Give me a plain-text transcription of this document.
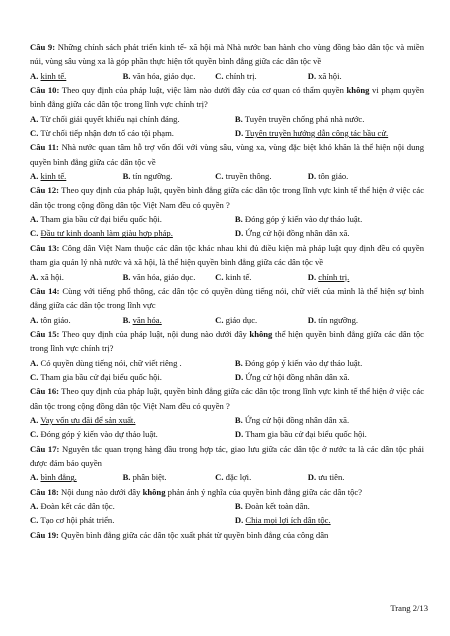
Câu 9: Những chính sách phát triển kinh tế- xã hội mà Nhà nước ban hành cho vùng đồng bào dân tộc và miền núi, vùng sâu vùng xa là góp phần thực hiện tốt quyền bình đẳng giữa các dân tộc về
A. kinh tế.	B. văn hóa, giáo dục.	C. chính trị.	D. xã hội.
Câu 10: Theo quy định của pháp luật, việc làm nào dưới đây của cơ quan có thẩm quyền không vi phạm quyền bình đẳng giữa các dân tộc trong lĩnh vực chính trị?
A. Từ chối giải quyết khiếu nại chính đáng.	B. Tuyên truyền chống phá nhà nước.
C. Từ chối tiếp nhận đơn tố cáo tội phạm.	D. Tuyên truyền hướng dẫn công tác bầu cử.
Câu 11: Nhà nước quan tâm hỗ trợ vốn đối với vùng sâu, vùng xa, vùng đặc biệt khó khăn là thể hiện nội dung quyền bình đẳng giữa các dân tộc về
A. kinh tế.	B. tín ngưỡng.	C. truyền thông.	D. tôn giáo.
Câu 12: Theo quy định của pháp luật, quyền bình đẳng giữa các dân tộc trong lĩnh vực kinh tế thể hiện ở việc các dân tộc trong cộng đồng dân tộc Việt Nam đều có quyền ?
A. Tham gia bầu cử đại biểu quốc hội.	B. Đóng góp ý kiến vào dự thảo luật.
C. Đầu tư kinh doanh làm giàu hợp pháp.	D. Ứng cử hội đồng nhân dân xã.
Câu 13: Công dân Việt Nam thuộc các dân tộc khác nhau khi đủ điều kiện mà pháp luật quy định đều có quyền tham gia quản lý nhà nước và xã hội, là thể hiện quyền bình đẳng giữa các dân tộc về
A. xã hội.	B. văn hóa, giáo dục.	C. kinh tế.	D. chính trị.
Câu 14: Cùng với tiếng phổ thông, các dân tộc có quyền dùng tiếng nói, chữ viết của mình là thể hiện sự bình đẳng giữa các dân tộc trong lĩnh vực
A. tôn giáo.	B. văn hóa.	C. giáo dục.	D. tín ngưỡng.
Câu 15: Theo quy định của pháp luật, nội dung nào dưới đây không thể hiện quyền bình đẳng giữa các dân tộc trong lĩnh vực chính trị?
A. Có quyền dùng tiếng nói, chữ viết riêng .	B. Đóng góp ý kiến vào dự thảo luật.
C. Tham gia bầu cử đại biểu quốc hội.	D. Ứng cử hội đồng nhân dân xã.
Câu 16: Theo quy định của pháp luật, quyền bình đẳng giữa các dân tộc trong lĩnh vực kinh tế thể hiện ở việc các dân tộc trong cộng đồng dân tộc Việt Nam đều có quyền ?
A. Vay vốn ưu đãi để sản xuất.	B. Ứng cử hội đồng nhân dân xã.
C. Đóng góp ý kiến vào dự thảo luật.	D. Tham gia bầu cử đại biểu quốc hội.
Câu 17: Nguyên tắc quan trọng hàng đầu trong hợp tác, giao lưu giữa các dân tộc ở nước ta là các dân tộc phải được đảm bảo quyền
A. bình đẳng.	B. phân biệt.	C. đặc lợi.	D. ưu tiên.
Câu 18: Nội dung nào dưới đây không phản ánh ý nghĩa của quyền bình đẳng giữa các dân tộc?
A. Đoàn kết các dân tộc.	B. Đoàn kết toàn dân.
C. Tạo cơ hội phát triển.	D. Chia mọi lợi ích dân tộc.
Câu 19: Quyền bình đẳng giữa các dân tộc xuất phát từ quyền bình đẳng của công dân
Trang 2/13
